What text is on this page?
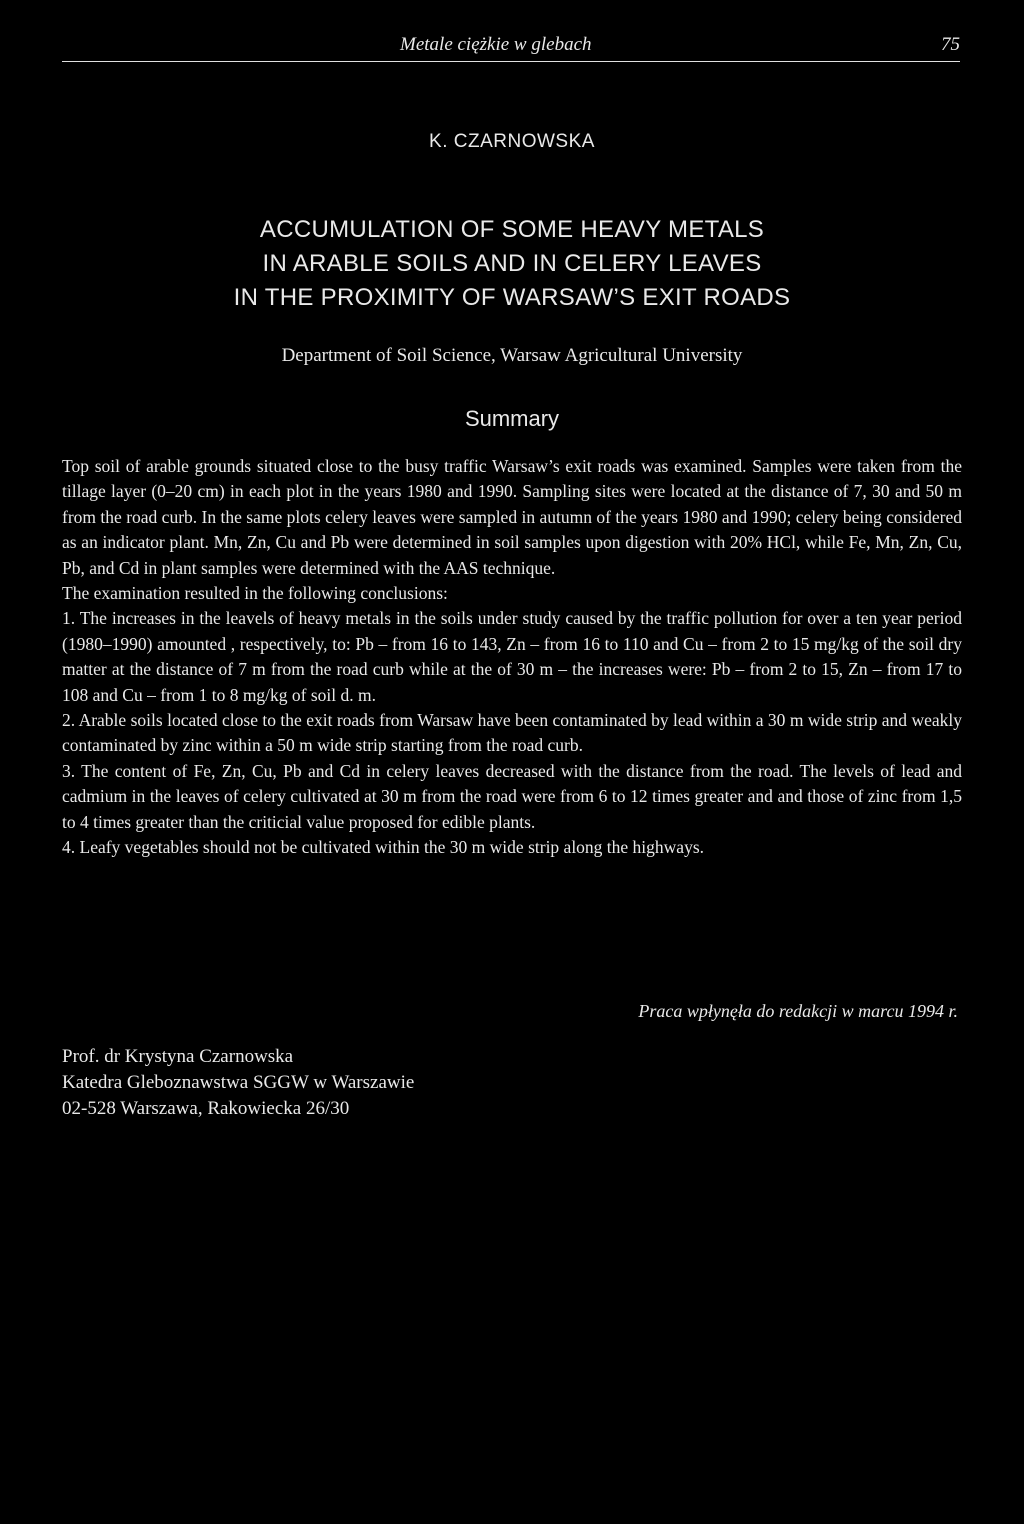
Metale ciężkie w glebach	75
K. CZARNOWSKA
ACCUMULATION OF SOME HEAVY METALS
IN ARABLE SOILS AND IN CELERY LEAVES
IN THE PROXIMITY OF WARSAW’S EXIT ROADS
Department of Soil Science, Warsaw Agricultural University
Summary

Top soil of arable grounds situated close to the busy traffic Warsaw’s exit roads was examined. Samples were taken from the tillage layer (0–20 cm) in each plot in the years 1980 and 1990. Sampling sites were located at the distance of 7, 30 and 50 m from the road curb. In the same plots celery leaves were sampled in autumn of the years 1980 and 1990; celery being considered as an indicator plant. Mn, Zn, Cu and Pb were determined in soil samples upon digestion with 20% HCl, while Fe, Mn, Zn, Cu, Pb, and Cd in plant samples were determined with the AAS technique.

The examination resulted in the following conclusions:

1. The increases in the leavels of heavy metals in the soils under study caused by the traffic pollution for over a ten year period (1980–1990) amounted , respectively, to: Pb – from 16 to 143, Zn – from 16 to 110 and Cu – from 2 to 15 mg/kg of the soil dry matter at the distance of 7 m from the road curb while at the of 30 m – the increases were: Pb – from 2 to 15, Zn – from 17 to 108 and Cu – from 1 to 8 mg/kg of soil d. m.

2. Arable soils located close to the exit roads from Warsaw have been contaminated by lead within a 30 m wide strip and weakly contaminated by zinc within a 50 m wide strip starting from the road curb.

3. The content of Fe, Zn, Cu, Pb and Cd in celery leaves decreased with the distance from the road. The levels of lead and cadmium in the leaves of celery cultivated at 30 m from the road were from 6 to 12 times greater and and those of zinc from 1,5 to 4 times greater than the criticial value proposed for edible plants.

4. Leafy vegetables should not be cultivated within the 30 m wide strip along the highways.

Praca wpłynęła do redakcji w marcu 1994 r.
Prof. dr Krystyna Czarnowska
Katedra Gleboznawstwa SGGW w Warszawie
02-528 Warszawa, Rakowiecka 26/30
